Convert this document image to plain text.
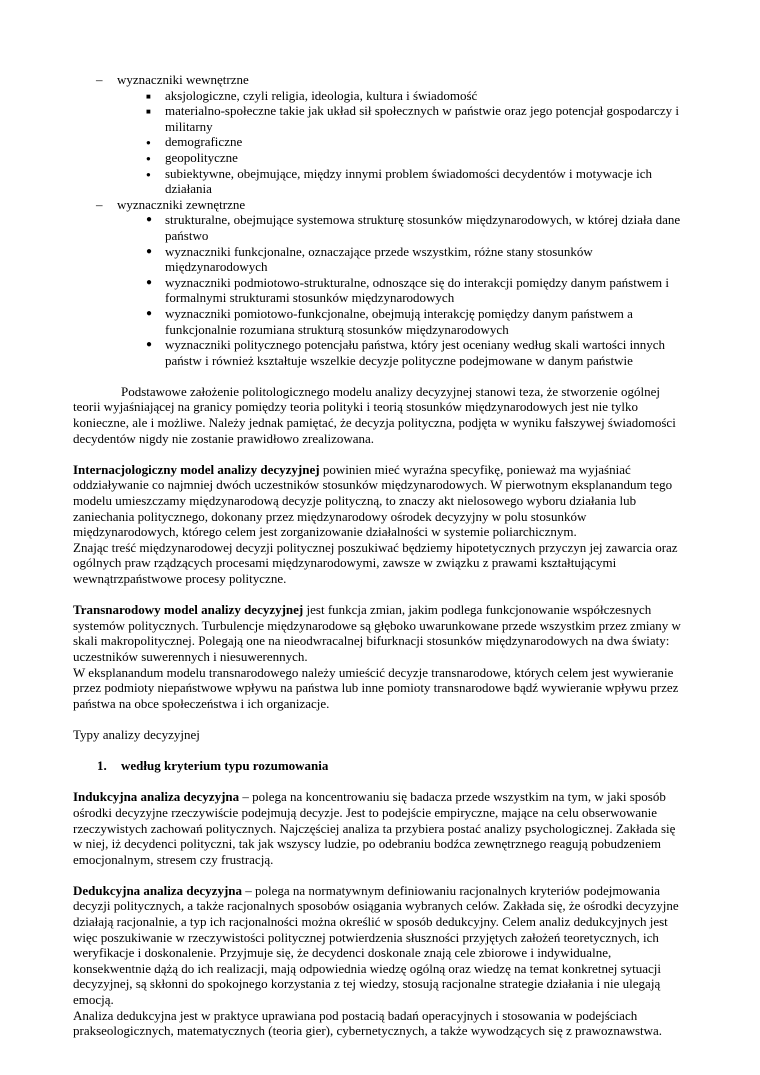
– wyznaczniki wewnętrzne
■ aksjologiczne, czyli religia, ideologia, kultura i świadomość
■ materialno-społeczne takie jak układ sił społecznych w państwie oraz jego potencjał gospodarczy i militarny
● demograficzne
● geopolityczne
● subiektywne, obejmujące, między innymi problem świadomości decydentów i motywacje ich działania
– wyznaczniki zewnętrzne
● strukturalne, obejmujące systemowa strukturę stosunków międzynarodowych, w której działa dane państwo
● wyznaczniki funkcjonalne, oznaczające przede wszystkim, różne stany stosunków międzynarodowych
● wyznaczniki podmiotowo-strukturalne, odnoszące się do interakcji pomiędzy danym państwem i formalnymi strukturami stosunków międzynarodowych
● wyznaczniki pomiotowo-funkcjonalne, obejmują interakcję pomiędzy danym państwem a funkcjonalnie rozumiana strukturą stosunków międzynarodowych
● wyznaczniki politycznego potencjału państwa, który jest oceniany według skali wartości innych państw i również kształtuje wszelkie decyzje polityczne podejmowane w danym państwie

Podstawowe założenie politologicznego modelu analizy decyzyjnej stanowi teza, że stworzenie ogólnej teorii wyjaśniającej na granicy pomiędzy teoria polityki i teorią stosunków międzynarodowych jest nie tylko konieczne, ale i możliwe. Należy jednak pamiętać, że decyzja polityczna, podjęta w wyniku fałszywej świadomości decydentów nigdy nie zostanie prawidłowo zrealizowana.

Internacjologiczny model analizy decyzyjnej powinien mieć wyraźna specyfikę, ponieważ ma wyjaśniać oddziaływanie co najmniej dwóch uczestników stosunków międzynarodowych. W pierwotnym eksplanandum tego modelu umieszczamy międzynarodową decyzje polityczną, to znaczy akt nielosowego wyboru działania lub zaniechania politycznego, dokonany przez międzynarodowy ośrodek decyzyjny w polu stosunków międzynarodowych, którego celem jest zorganizowanie działalności w systemie poliarchicznym.

Znając treść międzynarodowej decyzji politycznej poszukiwać będziemy hipotetycznych przyczyn jej zawarcia oraz ogólnych praw rządzących procesami międzynarodowymi, zawsze w związku z prawami kształtującymi wewnątrzpaństwowe procesy polityczne.

Transnarodowy model analizy decyzyjnej jest funkcja zmian, jakim podlega funkcjonowanie współczesnych systemów politycznych. Turbulencje międzynarodowe są głęboko uwarunkowane przede wszystkim przez zmiany w skali makropolitycznej. Polegają one na nieodwracalnej bifurknacji stosunków międzynarodowych na dwa światy: uczestników suwerennych i niesuwerennych.

W eksplanandum modelu transnarodowego należy umieścić decyzje transnarodowe, których celem jest wywieranie przez podmioty niepaństwowe wpływu na państwa lub inne pomioty transnarodowe bądź wywieranie wpływu przez państwa na obce społeczeństwa i ich organizacje.

Typy analizy decyzyjnej

1. według kryterium typu rozumowania

Indukcyjna analiza decyzyjna – polega na koncentrowaniu się badacza przede wszystkim na tym, w jaki sposób ośrodki decyzyjne rzeczywiście podejmują decyzje. Jest to podejście empiryczne, mające na celu obserwowanie rzeczywistych zachowań politycznych. Najczęściej analiza ta przybiera postać analizy psychologicznej. Zakłada się w niej, iż decydenci polityczni, tak jak wszyscy ludzie, po odebraniu bodźca zewnętrznego reagują pobudzeniem emocjonalnym, stresem czy frustracją.

Dedukcyjna analiza decyzyjna – polega na normatywnym definiowaniu racjonalnych kryteriów podejmowania decyzji politycznych, a także racjonalnych sposobów osiągania wybranych celów. Zakłada się, że ośrodki decyzyjne działają racjonalnie, a typ ich racjonalności można określić w sposób dedukcyjny. Celem analiz dedukcyjnych jest więc poszukiwanie w rzeczywistości politycznej potwierdzenia słuszności przyjętych założeń teoretycznych, ich weryfikacje i doskonalenie. Przyjmuje się, że decydenci doskonale znają cele zbiorowe i indywidualne, konsekwentnie dążą do ich realizacji, mają odpowiednia wiedzę ogólną oraz wiedzę na temat konkretnej sytuacji decyzyjnej, są skłonni do spokojnego korzystania z tej wiedzy, stosują racjonalne strategie działania i nie ulegają emocją.

Analiza dedukcyjna jest w praktyce uprawiana pod postacią badań operacyjnych i stosowania w podejściach prakseologicznych, matematycznych (teoria gier), cybernetycznych, a także wywodzących się z prawoznawstwa.
